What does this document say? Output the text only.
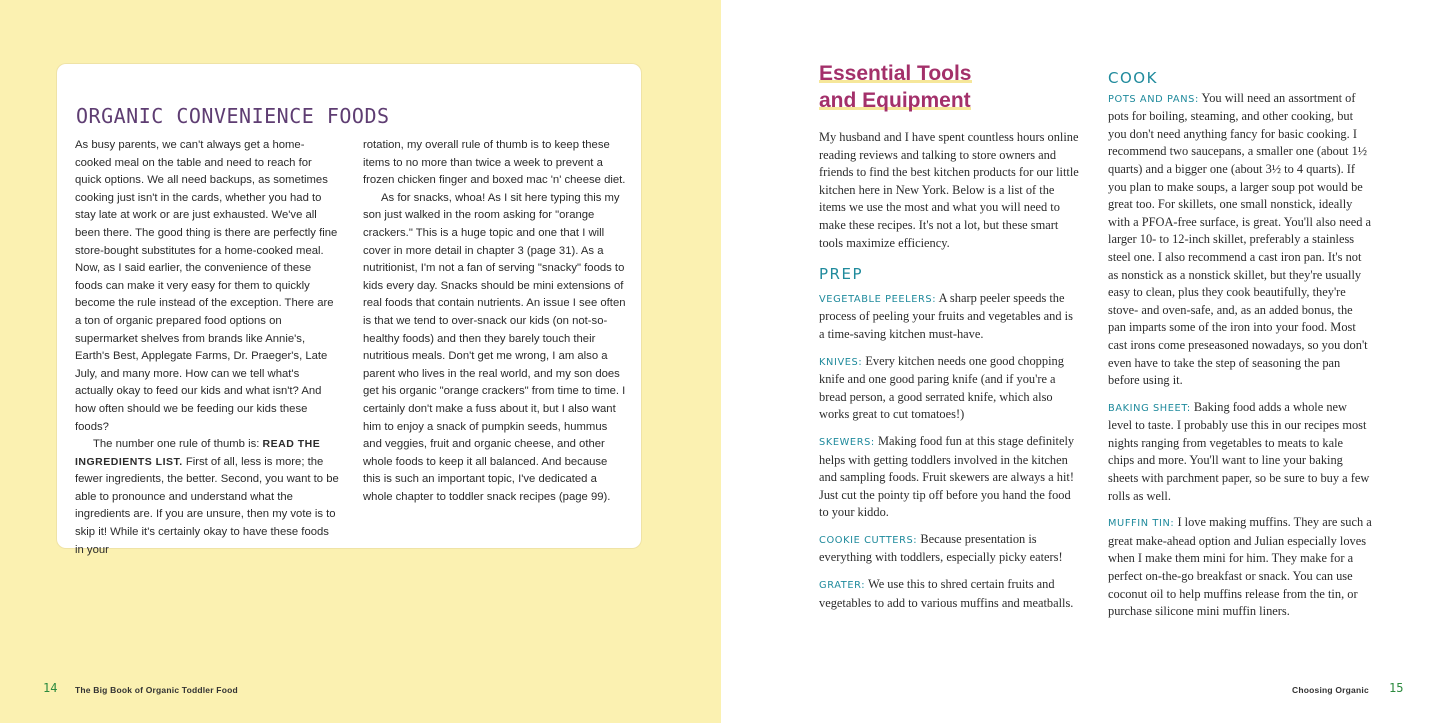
ORGANIC CONVENIENCE FOODS

As busy parents, we can't always get a home-cooked meal on the table and need to reach for quick options. We all need backups, as sometimes cooking just isn't in the cards, whether you had to stay late at work or are just exhausted. We've all been there. The good thing is there are perfectly fine store-bought substitutes for a home-cooked meal. Now, as I said earlier, the convenience of these foods can make it very easy for them to quickly become the rule instead of the exception. There are a ton of organic prepared food options on supermarket shelves from brands like Annie's, Earth's Best, Applegate Farms, Dr. Praeger's, Late July, and many more. How can we tell what's actually okay to feed our kids and what isn't? And how often should we be feeding our kids these foods?

The number one rule of thumb is: READ THE INGREDIENTS LIST. First of all, less is more; the fewer ingredients, the better. Second, you want to be able to pronounce and understand what the ingredients are. If you are unsure, then my vote is to skip it! While it's certainly okay to have these foods in your

rotation, my overall rule of thumb is to keep these items to no more than twice a week to prevent a frozen chicken finger and boxed mac 'n' cheese diet.

As for snacks, whoa! As I sit here typing this my son just walked in the room asking for "orange crackers." This is a huge topic and one that I will cover in more detail in chapter 3 (page 31). As a nutritionist, I'm not a fan of serving "snacky" foods to kids every day. Snacks should be mini extensions of real foods that contain nutrients. An issue I see often is that we tend to over-snack our kids (on not-so-healthy foods) and then they barely touch their nutritious meals. Don't get me wrong, I am also a parent who lives in the real world, and my son does get his organic "orange crackers" from time to time. I certainly don't make a fuss about it, but I also want him to enjoy a snack of pumpkin seeds, hummus and veggies, fruit and organic cheese, and other whole foods to keep it all balanced. And because this is such an important topic, I've dedicated a whole chapter to toddler snack recipes (page 99).

14 The Big Book of Organic Toddler Food
Essential Tools
and Equipment

My husband and I have spent countless hours online reading reviews and talking to store owners and friends to find the best kitchen products for our little kitchen here in New York. Below is a list of the items we use the most and what you will need to make these recipes. It's not a lot, but these smart tools maximize efficiency.

PREP

VEGETABLE PEELERS: A sharp peeler speeds the process of peeling your fruits and vegetables and is a time-saving kitchen must-have.

KNIVES: Every kitchen needs one good chopping knife and one good paring knife (and if you're a bread person, a good serrated knife, which also works great to cut tomatoes!)

SKEWERS: Making food fun at this stage definitely helps with getting toddlers involved in the kitchen and sampling foods. Fruit skewers are always a hit! Just cut the pointy tip off before you hand the food to your kiddo.

COOKIE CUTTERS: Because presentation is everything with toddlers, especially picky eaters!

GRATER: We use this to shred certain fruits and vegetables to add to various muffins and meatballs.

COOK

POTS AND PANS: You will need an assortment of pots for boiling, steaming, and other cooking, but you don't need anything fancy for basic cooking. I recommend two saucepans, a smaller one (about 1½ quarts) and a bigger one (about 3½ to 4 quarts). If you plan to make soups, a larger soup pot would be great too. For skillets, one small nonstick, ideally with a PFOA-free surface, is great. You'll also need a larger 10- to 12-inch skillet, preferably a stainless steel one. I also recommend a cast iron pan. It's not as nonstick as a nonstick skillet, but they're usually easy to clean, plus they cook beautifully, they're stove- and oven-safe, and, as an added bonus, the pan imparts some of the iron into your food. Most cast irons come preseasoned nowadays, so you don't even have to take the step of seasoning the pan before using it.

BAKING SHEET: Baking food adds a whole new level to taste. I probably use this in our recipes most nights ranging from vegetables to meats to kale chips and more. You'll want to line your baking sheets with parchment paper, so be sure to buy a few rolls as well.

MUFFIN TIN: I love making muffins. They are such a great make-ahead option and Julian especially loves when I make them mini for him. They make for a perfect on-the-go breakfast or snack. You can use coconut oil to help muffins release from the tin, or purchase silicone mini muffin liners.

Choosing Organic 15
